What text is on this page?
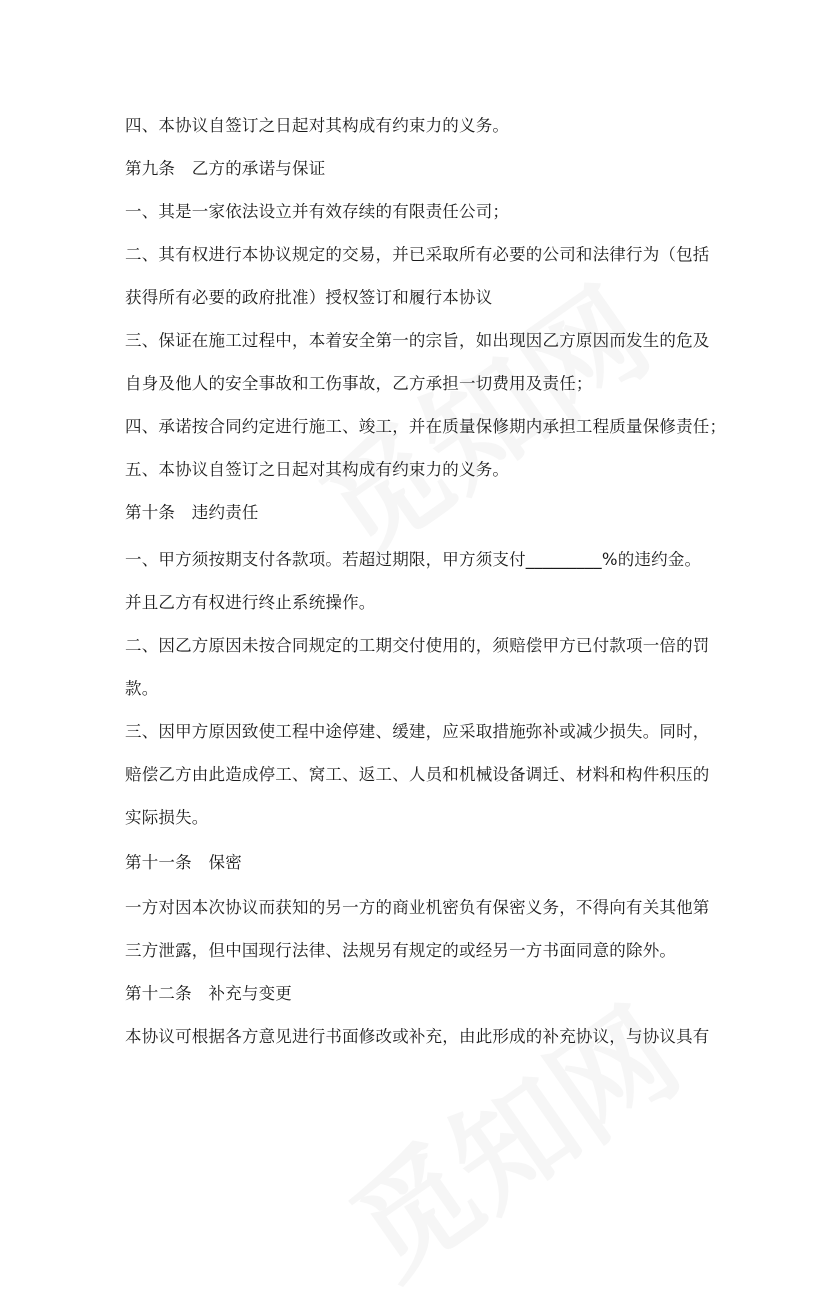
四、本协议自签订之日起对其构成有约束力的义务。
第九条　乙方的承诺与保证
一、其是一家依法设立并有效存续的有限责任公司；
二、其有权进行本协议规定的交易，并已采取所有必要的公司和法律行为（包括
获得所有必要的政府批准）授权签订和履行本协议
三、保证在施工过程中，本着安全第一的宗旨，如出现因乙方原因而发生的危及
自身及他人的安全事故和工伤事故，乙方承担一切费用及责任；
四、承诺按合同约定进行施工、竣工，并在质量保修期内承担工程质量保修责任；
五、本协议自签订之日起对其构成有约束力的义务。
第十条　违约责任
一、甲方须按期支付各款项。若超过期限，甲方须支付_________%的违约金。
并且乙方有权进行终止系统操作。
二、因乙方原因未按合同规定的工期交付使用的，须赔偿甲方已付款项一倍的罚
款。
三、因甲方原因致使工程中途停建、缓建，应采取措施弥补或减少损失。同时，
赔偿乙方由此造成停工、窝工、返工、人员和机械设备调迁、材料和构件积压的
实际损失。
第十一条　保密
一方对因本次协议而获知的另一方的商业机密负有保密义务，不得向有关其他第
三方泄露，但中国现行法律、法规另有规定的或经另一方书面同意的除外。
第十二条　补充与变更
本协议可根据各方意见进行书面修改或补充，由此形成的补充协议，与协议具有
